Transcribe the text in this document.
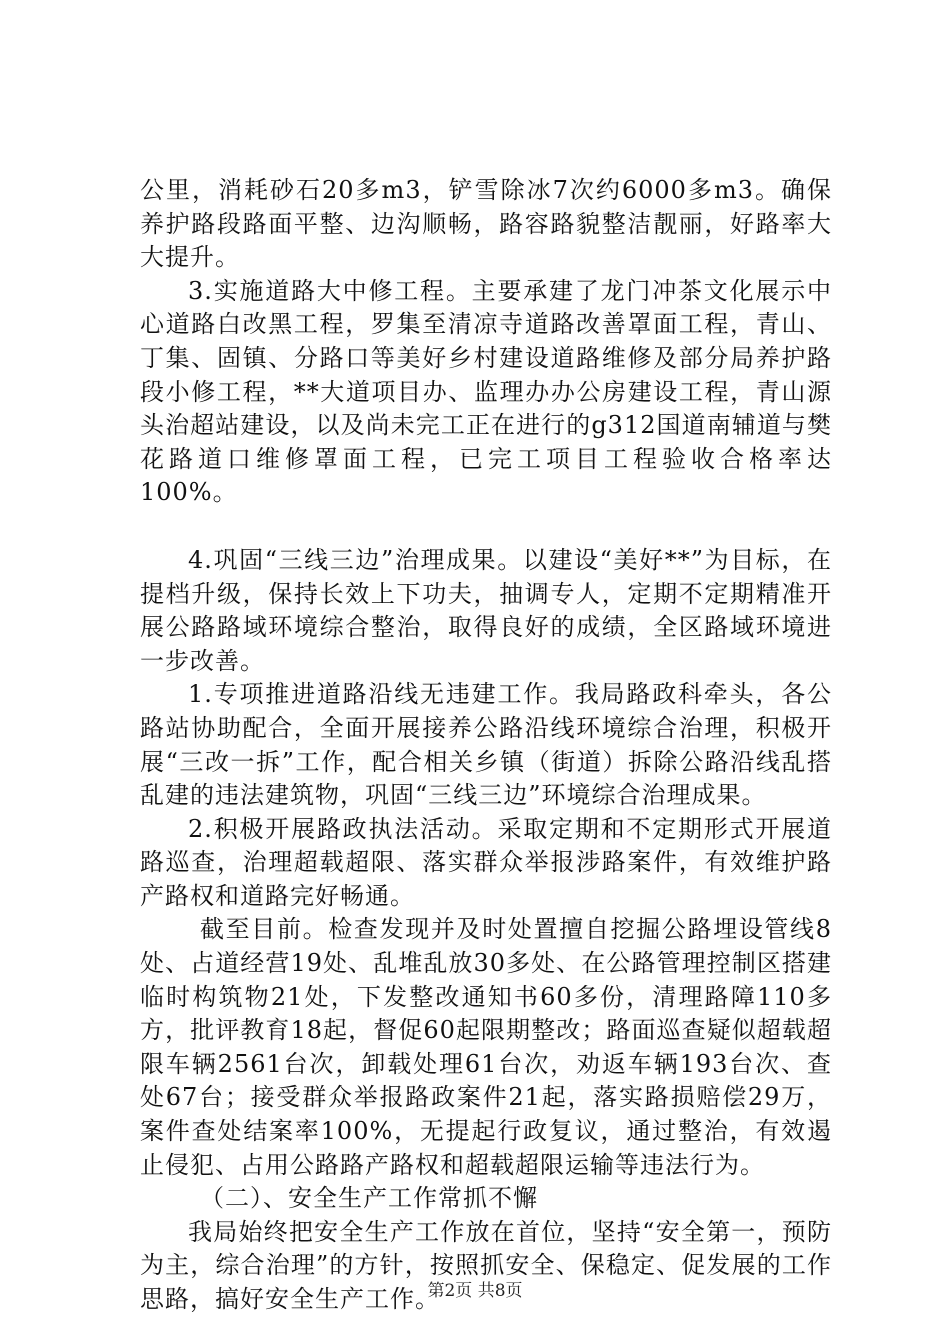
公里，消耗砂石20多m3，铲雪除冰7次约6000多m3。确保养护路段路面平整、边沟顺畅，路容路貌整洁靓丽，好路率大大提升。

3.实施道路大中修工程。主要承建了龙门冲茶文化展示中心道路白改黑工程，罗集至清凉寺道路改善罩面工程，青山、丁集、固镇、分路口等美好乡村建设道路维修及部分局养护路段小修工程，**大道项目办、监理办办公房建设工程，青山源头治超站建设，以及尚未完工正在进行的g312国道南辅道与樊花路道口维修罩面工程，已完工项目工程验收合格率达100%。

4.巩固“三线三边”治理成果。以建设“美好**”为目标，在提档升级，保持长效上下功夫，抽调专人，定期不定期精准开展公路路域环境综合整治，取得良好的成绩，全区路域环境进一步改善。

1.专项推进道路沿线无违建工作。我局路政科牵头，各公路站协助配合，全面开展接养公路沿线环境综合治理，积极开展“三改一拆”工作，配合相关乡镇（街道）拆除公路沿线乱搭乱建的违法建筑物，巩固“三线三边”环境综合治理成果。

2.积极开展路政执法活动。采取定期和不定期形式开展道路巡查，治理超载超限、落实群众举报涉路案件，有效维护路产路权和道路完好畅通。

截至目前。检查发现并及时处置擅自挖掘公路埋设管线8处、占道经营19处、乱堆乱放30多处、在公路管理控制区搭建临时构筑物21处，下发整改通知书60多份，清理路障110多方，批评教育18起，督促60起限期整改；路面巡查疑似超载超限车辆2561台次，卸载处理61台次，劝返车辆193台次、查处67台；接受群众举报路政案件21起，落实路损赔偿29万，案件查处结案率100%，无提起行政复议，通过整治，有效遏止侵犯、占用公路路产路权和超载超限运输等违法行为。

（二）、安全生产工作常抓不懈

我局始终把安全生产工作放在首位，坚持“安全第一，预防为主，综合治理”的方针，按照抓安全、保稳定、促发展的工作思路，搞好安全生产工作。

第2页 共8页
